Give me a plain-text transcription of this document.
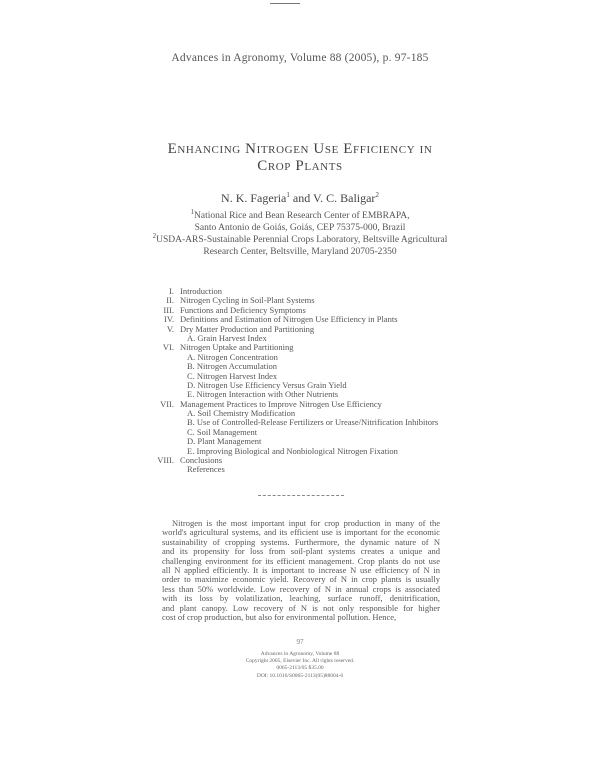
Advances in Agronomy, Volume 88 (2005), p. 97-185
Enhancing Nitrogen Use Efficiency in
Crop Plants
N. K. Fageria$^1$ and V. C. Baligar$^2$
$^1$National Rice and Bean Research Center of EMBRAPA,
Santo Antonio de Goiás, Goiás, CEP 75375-000, Brazil
$^2$USDA-ARS-Sustainable Perennial Crops Laboratory, Beltsville Agricultural
Research Center, Beltsville, Maryland 20705-2350
I. Introduction
II. Nitrogen Cycling in Soil-Plant Systems
III. Functions and Deficiency Symptoms
IV. Definitions and Estimation of Nitrogen Use Efficiency in Plants
V. Dry Matter Production and Partitioning
A. Grain Harvest Index
VI. Nitrogen Uptake and Partitioning
A. Nitrogen Concentration
B. Nitrogen Accumulation
C. Nitrogen Harvest Index
D. Nitrogen Use Efficiency Versus Grain Yield
E. Nitrogen Interaction with Other Nutrients
VII. Management Practices to Improve Nitrogen Use Efficiency
A. Soil Chemistry Modification
B. Use of Controlled-Release Fertilizers or Urease/Nitrification Inhibitors
C. Soil Management
D. Plant Management
E. Improving Biological and Nonbiological Nitrogen Fixation
VIII. Conclusions
References
Nitrogen is the most important input for crop production in many of the
world's agricultural systems, and its efficient use is important for the economic
sustainability of cropping systems. Furthermore, the dynamic nature of N
and its propensity for loss from soil-plant systems creates a unique and
challenging environment for its efficient management. Crop plants do not use
all N applied efficiently. It is important to increase N use efficiency of N in
order to maximize economic yield. Recovery of N in crop plants is usually
less than 50% worldwide. Low recovery of N in annual crops is associated
with its loss by volatilization, leaching, surface runoff, denitrification,
and plant canopy. Low recovery of N is not only responsible for higher
cost of crop production, but also for environmental pollution. Hence,
97
Advances in Agronomy, Volume 88
Copyright 2005, Elsevier Inc. All rights reserved.
0065-2113/05 $35.00
DOI: 10.1016/S0065-2113(05)88004-6
